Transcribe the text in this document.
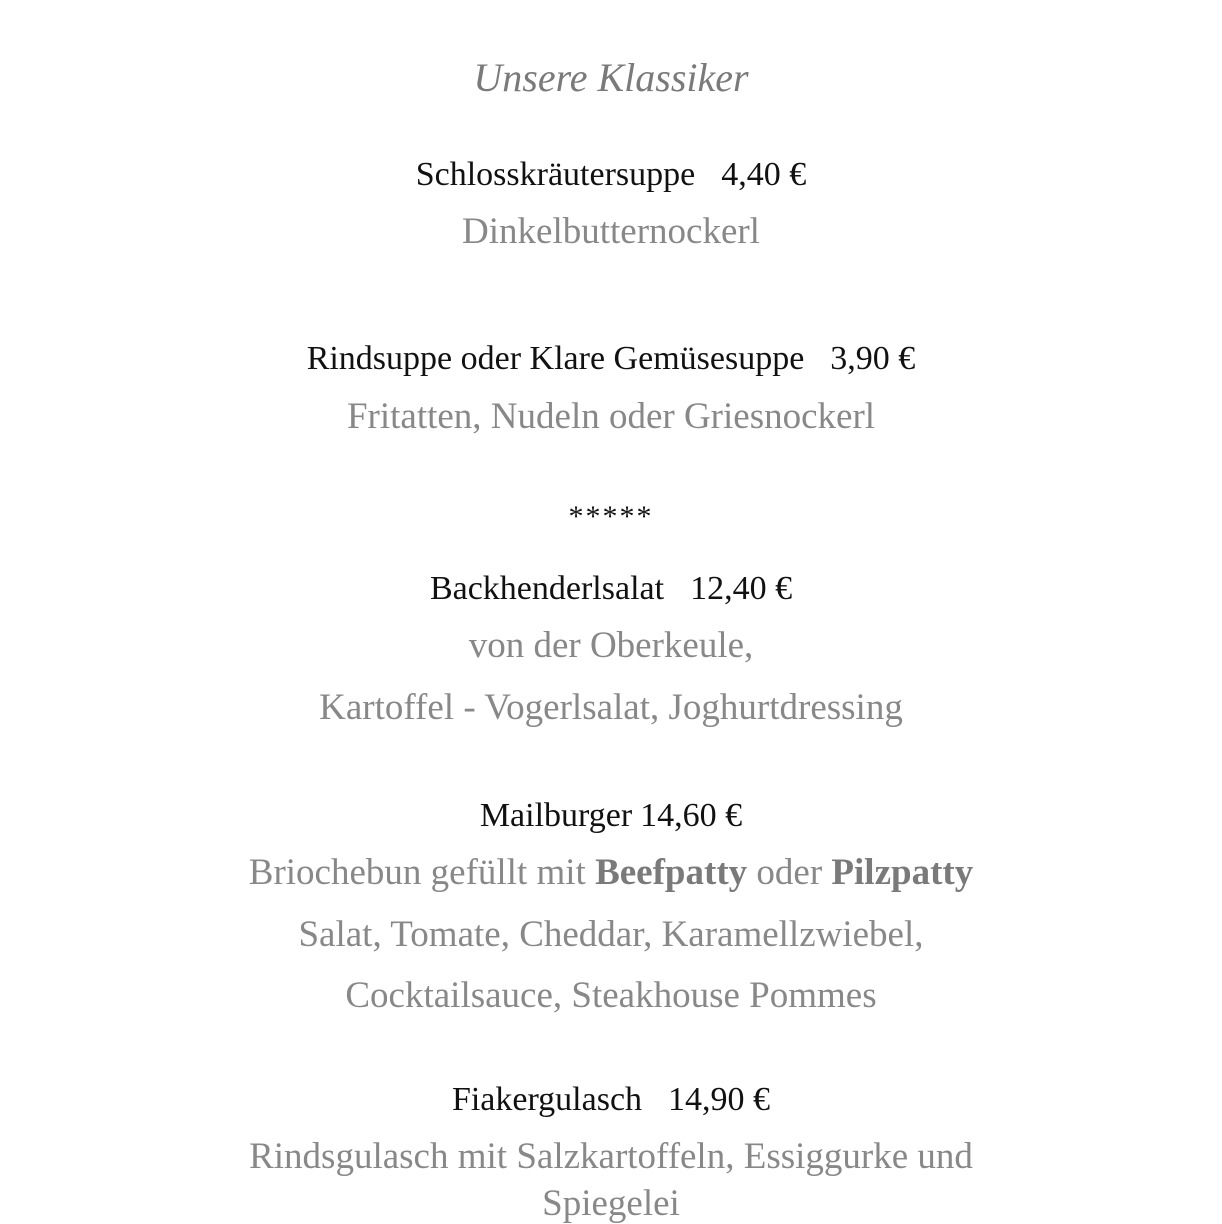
Unsere Klassiker
Schlosskräutersuppe 4,40 €
Dinkelbutternockerl
Rindsuppe oder Klare Gemüsesuppe 3,90 €
Fritatten, Nudeln oder Griesnockerl
*****
Backhenderlsalat 12,40 €
von der Oberkeule,
Kartoffel - Vogerlsalat, Joghurtdressing
Mailburger 14,60 €
Briochebun gefüllt mit Beefpatty oder Pilzpatty
Salat, Tomate, Cheddar, Karamellzwiebel,
Cocktailsauce, Steakhouse Pommes
Fiakergulasch 14,90 €
Rindsgulasch mit Salzkartoffeln, Essiggurke und
Spiegelei
